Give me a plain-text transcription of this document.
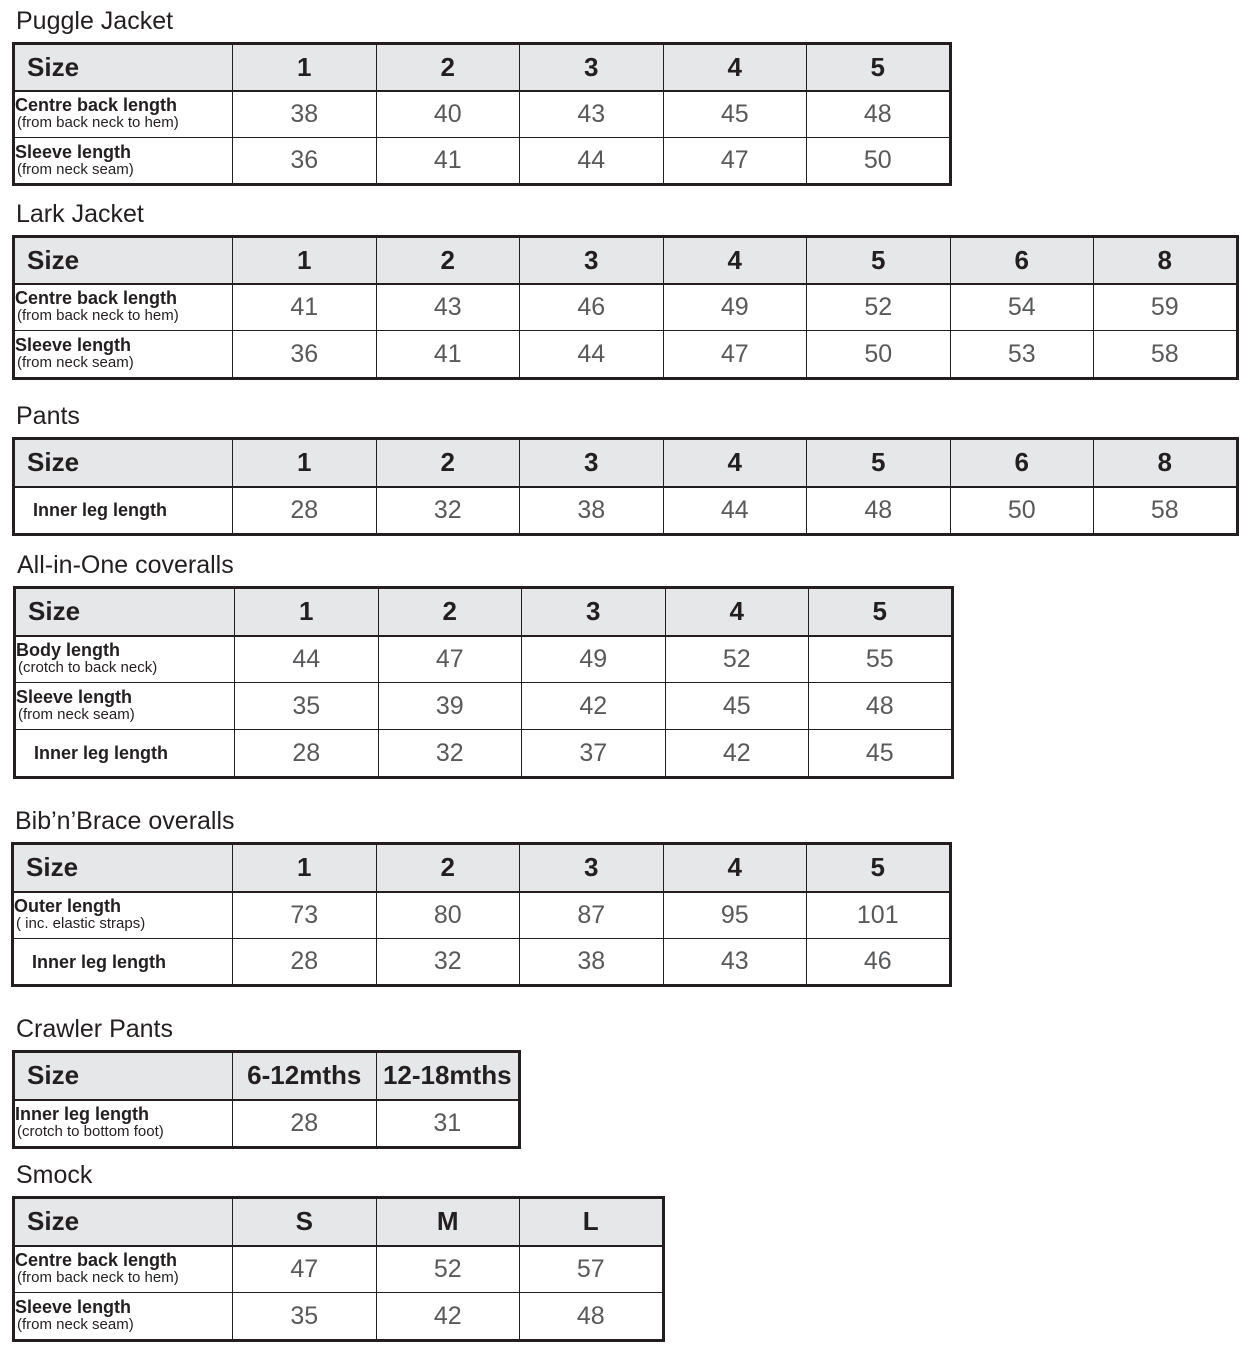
Puggle Jacket
Size	1	2	3	4	5

Centre back length
(from back neck to hem)	38	40	43	45	48

Sleeve length
(from neck seam)	36	41	44	47	50
Lark Jacket
Size	1	2	3	4	5	6	8

Centre back length
(from back neck to hem)	41	43	46	49	52	54	59

Sleeve length
(from neck seam)	36	41	44	47	50	53	58
Pants
Size	1	2	3	4	5	6	8

Inner leg length	28	32	38	44	48	50	58
All-in-One coveralls
Size	1	2	3	4	5

Body length
(crotch to back neck)	44	47	49	52	55

Sleeve length
(from neck seam)	35	39	42	45	48

Inner leg length	28	32	37	42	45
Bib’n’Brace overalls
Size	1	2	3	4	5

Outer length
( inc. elastic straps)	73	80	87	95	101

Inner leg length	28	32	38	43	46
Crawler Pants
Size	6-12mths	12-18mths

Inner leg length
(crotch to bottom foot)	28	31
Smock
Size	S	M	L

Centre back length
(from back neck to hem)	47	52	57

Sleeve length
(from neck seam)	35	42	48
